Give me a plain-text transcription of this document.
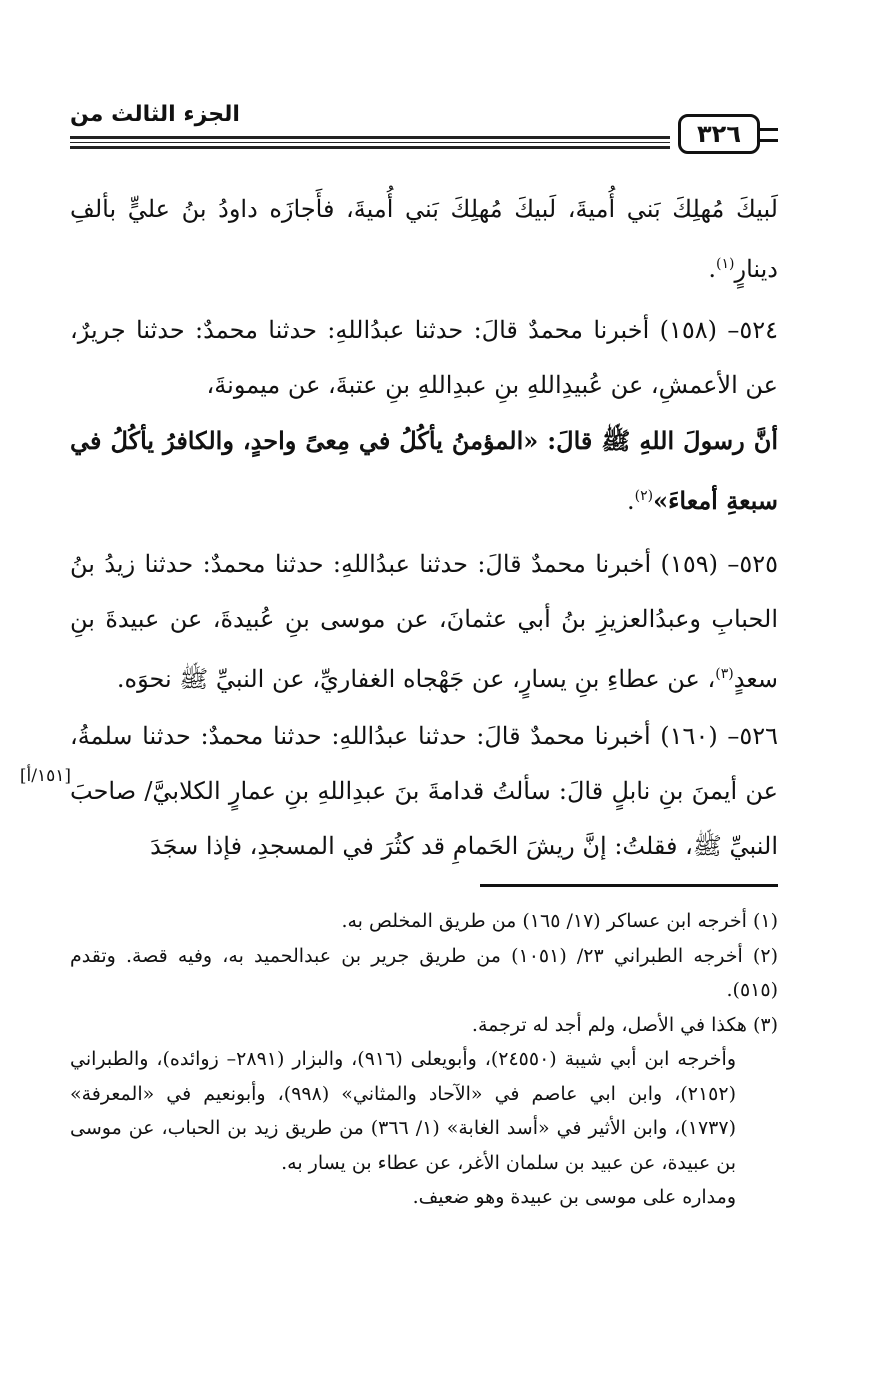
الجزء الثالث من
٣٢٦

لَبيكَ مُهلِكَ بَني أُميةَ، لَبيكَ مُهلِكَ بَني أُميةَ، فأَجازَه داودُ بنُ عليٍّ بألفِ دينارٍ$^{(١)}$.

٥٢٤– (١٥٨) أخبرنا محمدٌ قالَ: حدثنا عبدُاللهِ: حدثنا محمدٌ: حدثنا جريرٌ، عن الأعمشِ، عن عُبيدِاللهِ بنِ عبدِاللهِ بنِ عتبةَ، عن ميمونةَ،

أنَّ رسولَ اللهِ ﷺ قالَ: «المؤمنُ يأكُلُ في مِعىً واحدٍ، والكافرُ يأكُلُ في سبعةِ أمعاءَ»$^{(٢)}$.

٥٢٥– (١٥٩) أخبرنا محمدٌ قالَ: حدثنا عبدُاللهِ: حدثنا محمدٌ: حدثنا زيدُ بنُ الحبابِ وعبدُالعزيزِ بنُ أبي عثمانَ، عن موسى بنِ عُبيدةَ، عن عبيدةَ بنِ سعدٍ$^{(٣)}$، عن عطاءِ بنِ يسارٍ، عن جَهْجاه الغفاريِّ، عن النبيِّ ﷺ نحوَه.

٥٢٦– (١٦٠) أخبرنا محمدٌ قالَ: حدثنا عبدُاللهِ: حدثنا محمدٌ: حدثنا سلمةُ، عن أيمنَ بنِ نابلٍ قالَ: سألتُ قدامةَ بنَ عبدِاللهِ بنِ عمارٍ الكلابيَّ/ صاحبَ النبيِّ ﷺ، فقلتُ: إنَّ ريشَ الحَمامِ قد كثُرَ في المسجدِ، فإذا سجَدَ

[١٥١/أ]

(١) أخرجه ابن عساكر (١٧/ ١٦٥) من طريق المخلص به.

(٢) أخرجه الطبراني ٢٣/ (١٠٥١) من طريق جرير بن عبدالحميد به، وفيه قصة. وتقدم (٥١٥).

(٣) هكذا في الأصل، ولم أجد له ترجمة.

وأخرجه ابن أبي شيبة (٢٤٥٥٠)، وأبويعلى (٩١٦)، والبزار (٢٨٩١– زوائده)، والطبراني (٢١٥٢)، وابن ابي عاصم في «الآحاد والمثاني» (٩٩٨)، وأبونعيم في «المعرفة» (١٧٣٧)، وابن الأثير في «أسد الغابة» (١/ ٣٦٦) من طريق زيد بن الحباب، عن موسى بن عبيدة، عن عبيد بن سلمان الأغر، عن عطاء بن يسار به.

ومداره على موسى بن عبيدة وهو ضعيف.
